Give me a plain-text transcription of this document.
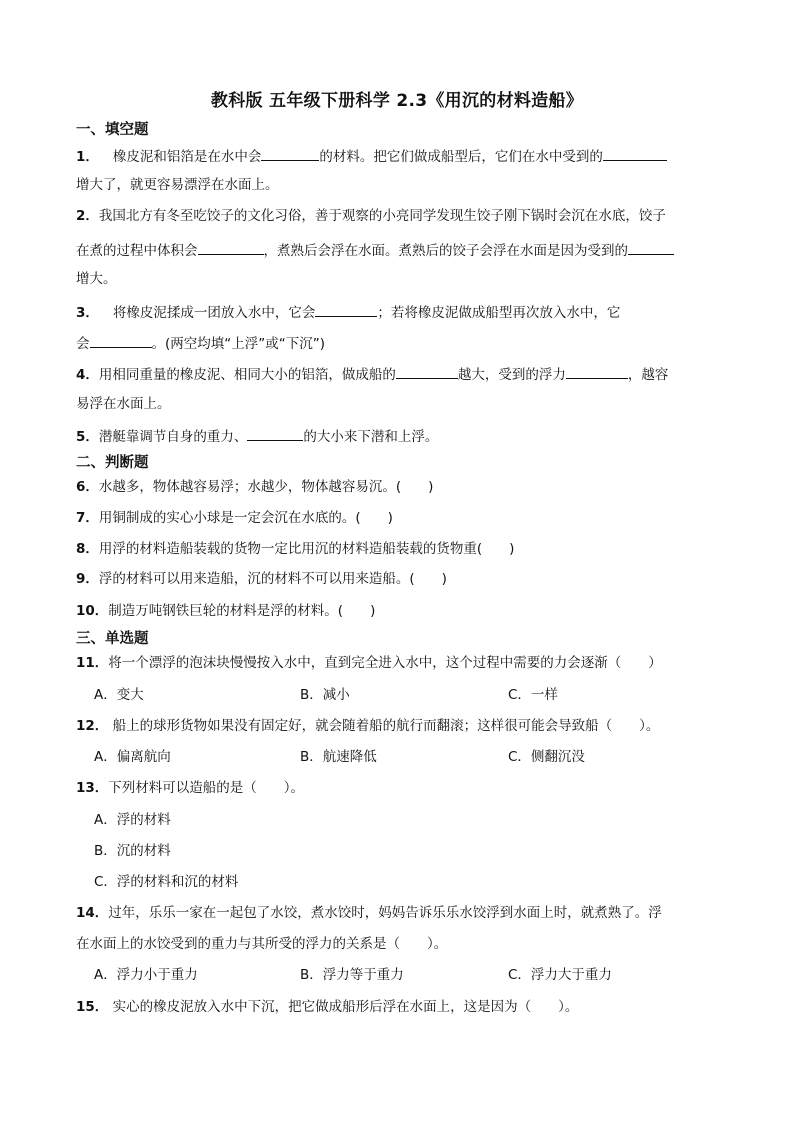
教科版 五年级下册科学 2.3《用沉的材料造船》
一、填空题
1． 橡皮泥和铝箔是在水中会	的材料。把它们做成船型后，它们在水中受到的
增大了，就更容易漂浮在水面上。
2．我国北方有冬至吃饺子的文化习俗，善于观察的小亮同学发现生饺子刚下锅时会沉在水底，饺子
在煮的过程中体积会	，煮熟后会浮在水面。煮熟后的饺子会浮在水面是因为受到的
增大。
3． 将橡皮泥揉成一团放入水中，它会	；若将橡皮泥做成船型再次放入水中，它
会	。(两空均填“上浮”或“下沉”)
4．用相同重量的橡皮泥、相同大小的铝箔，做成船的	越大，受到的浮力	，越容
易浮在水面上。
5．潜艇靠调节自身的重力、	的大小来下潜和上浮。
二、判断题
6．水越多，物体越容易浮；水越少，物体越容易沉。(　　)
7．用铜制成的实心小球是一定会沉在水底的。(　　)
8．用浮的材料造船装载的货物一定比用沉的材料造船装载的货物重(　　)
9．浮的材料可以用来造船，沉的材料不可以用来造船。(　　)
10．制造万吨钢铁巨轮的材料是浮的材料。(　　)
三、单选题
11．将一个漂浮的泡沫块慢慢按入水中，直到完全进入水中，这个过程中需要的力会逐渐（　　）
A．变大	B．减小	C．一样
12． 船上的球形货物如果没有固定好，就会随着船的航行而翻滚；这样很可能会导致船（　　）。
A．偏离航向	B．航速降低	C．侧翻沉没
13．下列材料可以造船的是（　　）。
A．浮的材料
B．沉的材料
C．浮的材料和沉的材料
14．过年，乐乐一家在一起包了水饺，煮水饺时，妈妈告诉乐乐水饺浮到水面上时，就煮熟了。浮
在水面上的水饺受到的重力与其所受的浮力的关系是（　　）。
A．浮力小于重力	B．浮力等于重力	C．浮力大于重力
15． 实心的橡皮泥放入水中下沉，把它做成船形后浮在水面上，这是因为（　　）。
